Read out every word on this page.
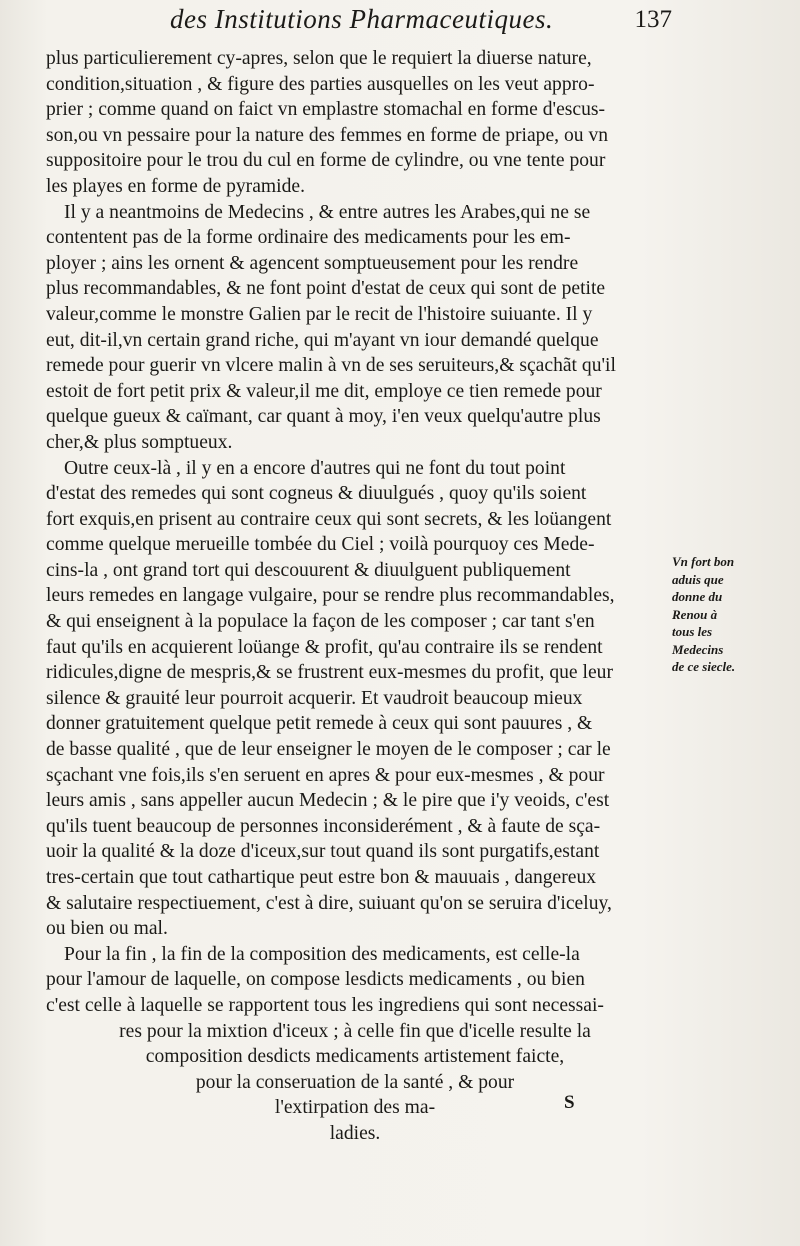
des Institutions Pharmaceutiques.	137
plus particulierement cy-apres, selon que le requiert la diuerse nature,
condition,situation , & figure des parties ausquelles on les veut appro-
prier ; comme quand on faict vn emplastre stomachal en forme d'escus-
son,ou vn pessaire pour la nature des femmes en forme de priape, ou vn
suppositoire pour le trou du cul en forme de cylindre, ou vne tente pour
les playes en forme de pyramide.
Il y a neantmoins de Medecins , & entre autres les Arabes,qui ne se
contentent pas de la forme ordinaire des medicaments pour les em-
ployer ; ains les ornent & agencent somptueusement pour les rendre
plus recommandables, & ne font point d'estat de ceux qui sont de petite
valeur,comme le monstre Galien par le recit de l'histoire suiuante. Il y
eut, dit-il,vn certain grand riche, qui m'ayant vn iour demandé quelque
remede pour guerir vn vlcere malin à vn de ses seruiteurs,& sçachãt qu'il
estoit de fort petit prix & valeur,il me dit, employe ce tien remede pour
quelque gueux & caïmant, car quant à moy, i'en veux quelqu'autre plus
cher,& plus somptueux.
Outre ceux-là , il y en a encore d'autres qui ne font du tout point
d'estat des remedes qui sont cogneus & diuulgués , quoy qu'ils soient
fort exquis,en prisent au contraire ceux qui sont secrets, & les loüangent
comme quelque merueille tombée du Ciel ; voilà pourquoy ces Mede-
cins-la , ont grand tort qui descouurent & diuulguent publiquement
leurs remedes en langage vulgaire, pour se rendre plus recommandables,
& qui enseignent à la populace la façon de les composer ; car tant s'en
faut qu'ils en acquierent loüange & profit, qu'au contraire ils se rendent
ridicules,digne de mespris,& se frustrent eux-mesmes du profit, que leur
silence & grauité leur pourroit acquerir. Et vaudroit beaucoup mieux
donner gratuitement quelque petit remede à ceux qui sont pauures , &
de basse qualité , que de leur enseigner le moyen de le composer ; car le
sçachant vne fois,ils s'en seruent en apres & pour eux-mesmes , & pour
leurs amis , sans appeller aucun Medecin ; & le pire que i'y veoids, c'est
qu'ils tuent beaucoup de personnes inconsiderément , & à faute de sça-
uoir la qualité & la doze d'iceux,sur tout quand ils sont purgatifs,estant
tres-certain que tout cathartique peut estre bon & mauuais , dangereux
& salutaire respectiuement, c'est à dire, suiuant qu'on se seruira d'iceluy,
ou bien ou mal.
Pour la fin , la fin de la composition des medicaments, est celle-la
pour l'amour de laquelle, on compose lesdicts medicaments , ou bien
c'est celle à laquelle se rapportent tous les ingrediens qui sont necessai-
res pour la mixtion d'iceux ; à celle fin que d'icelle resulte la
composition desdicts medicaments artistement faicte,
pour la conseruation de la santé , & pour
l'extirpation des ma-
ladies.
Vn fort bon
aduis que
donne du
Renou à
tous les
Medecins
de ce siecle.
S
